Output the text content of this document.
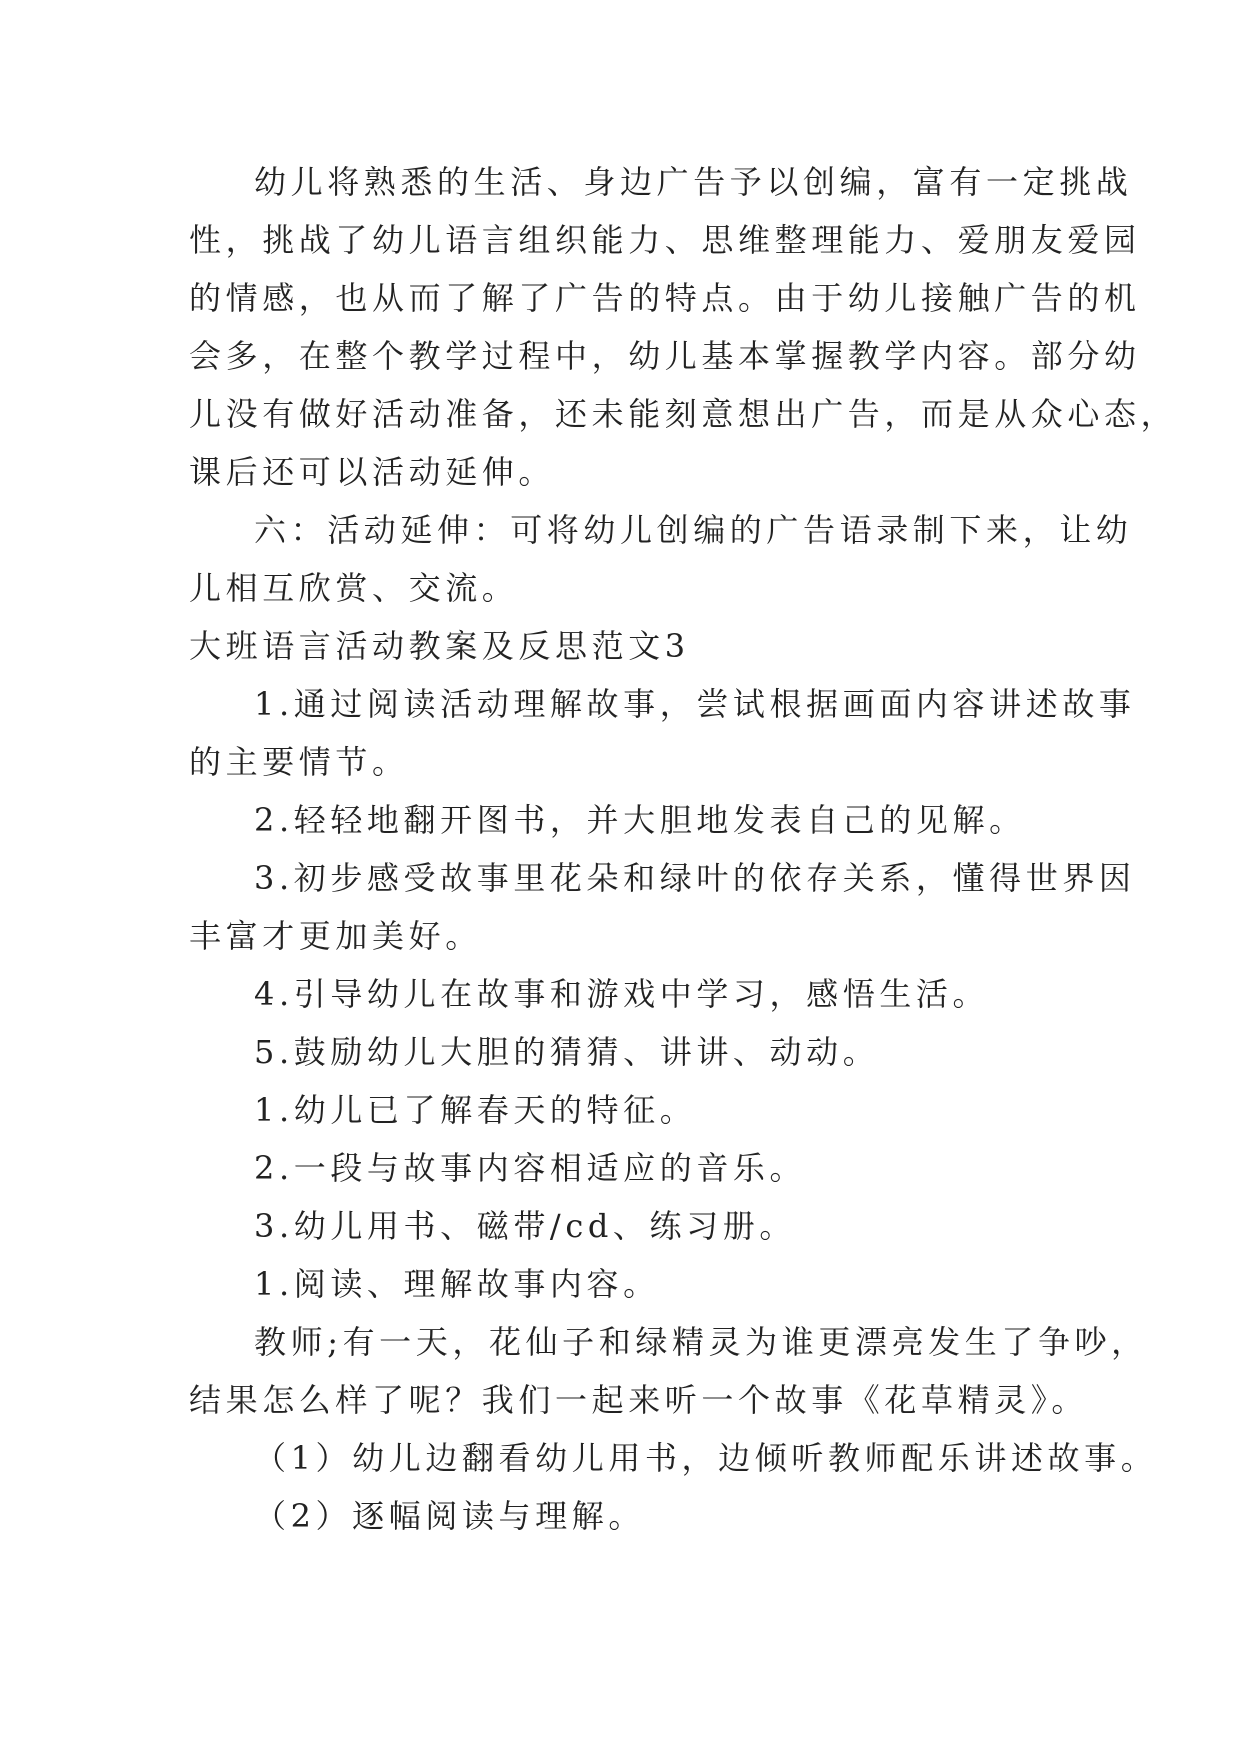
幼儿将熟悉的生活、身边广告予以创编，富有一定挑战
性，挑战了幼儿语言组织能力、思维整理能力、爱朋友爱园
的情感，也从而了解了广告的特点。由于幼儿接触广告的机
会多，在整个教学过程中，幼儿基本掌握教学内容。部分幼
儿没有做好活动准备，还未能刻意想出广告，而是从众心态，
课后还可以活动延伸。
六：活动延伸：可将幼儿创编的广告语录制下来，让幼
儿相互欣赏、交流。
大班语言活动教案及反思范文3
1.通过阅读活动理解故事，尝试根据画面内容讲述故事
的主要情节。
2.轻轻地翻开图书，并大胆地发表自己的见解。
3.初步感受故事里花朵和绿叶的依存关系，懂得世界因
丰富才更加美好。
4.引导幼儿在故事和游戏中学习，感悟生活。
5.鼓励幼儿大胆的猜猜、讲讲、动动。
1.幼儿已了解春天的特征。
2.一段与故事内容相适应的音乐。
3.幼儿用书、磁带/cd、练习册。
1.阅读、理解故事内容。
教师;有一天，花仙子和绿精灵为谁更漂亮发生了争吵，
结果怎么样了呢？我们一起来听一个故事《花草精灵》。
（1）幼儿边翻看幼儿用书，边倾听教师配乐讲述故事。
（2）逐幅阅读与理解。
